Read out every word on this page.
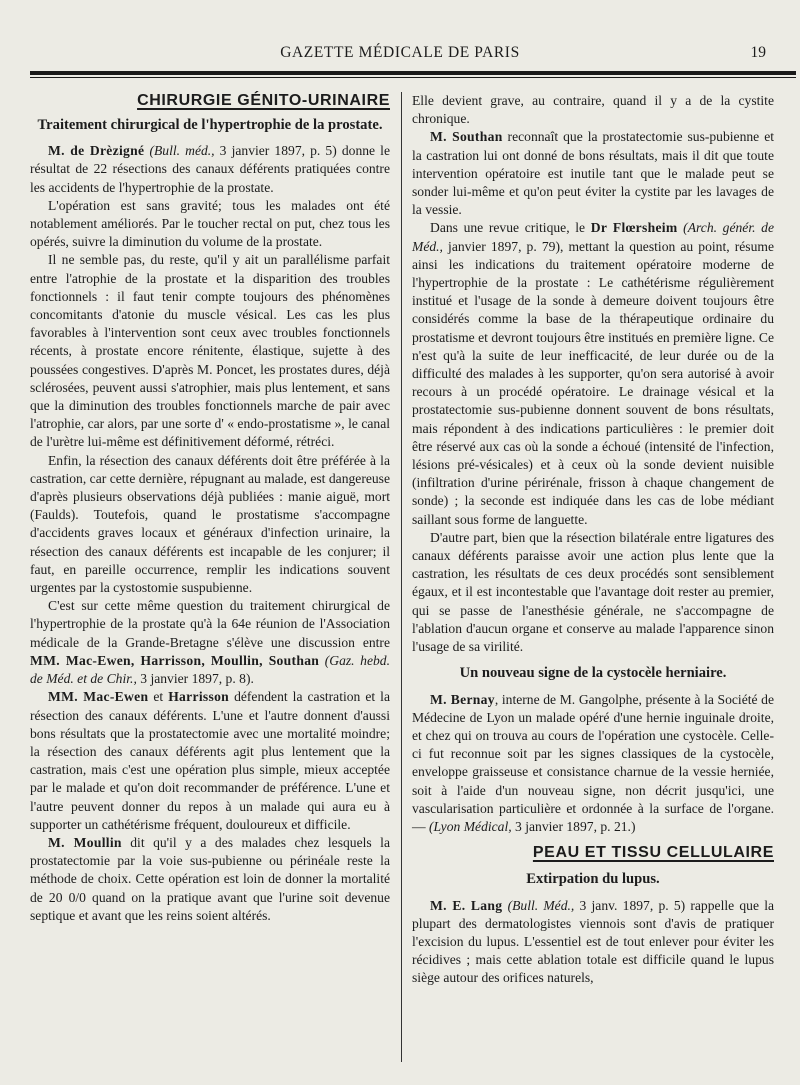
GAZETTE MÉDICALE DE PARIS	19
CHIRURGIE GÉNITO-URINAIRE
Traitement chirurgical de l'hypertrophie de la prostate.

M. de Drèzigné (Bull. méd., 3 janvier 1897, p. 5) donne le résultat de 22 résections des canaux déférents pratiquées contre les accidents de l'hypertrophie de la prostate.

L'opération est sans gravité; tous les malades ont été notablement améliorés. Par le toucher rectal on put, chez tous les opérés, suivre la diminution du volume de la prostate.

Il ne semble pas, du reste, qu'il y ait un parallélisme parfait entre l'atrophie de la prostate et la disparition des troubles fonctionnels : il faut tenir compte toujours des phénomènes concomitants d'atonie du muscle vésical. Les cas les plus favorables à l'intervention sont ceux avec troubles fonctionnels récents, à prostate encore rénitente, élastique, sujette à des poussées congestives. D'après M. Poncet, les prostates dures, déjà sclérosées, peuvent aussi s'atrophier, mais plus lentement, et sans que la diminution des troubles fonctionnels marche de pair avec l'atrophie, car alors, par une sorte d' « endo-prostatisme », le canal de l'urètre lui-même est définitivement déformé, rétréci.

Enfin, la résection des canaux déférents doit être préférée à la castration, car cette dernière, répugnant au malade, est dangereuse d'après plusieurs observations déjà publiées : manie aiguë, mort (Faulds). Toutefois, quand le prostatisme s'accompagne d'accidents graves locaux et généraux d'infection urinaire, la résection des canaux déférents est incapable de les conjurer; il faut, en pareille occurrence, remplir les indications souvent urgentes par la cystostomie suspubienne.

C'est sur cette même question du traitement chirurgical de l'hypertrophie de la prostate qu'à la 64e réunion de l'Association médicale de la Grande-Bretagne s'élève une discussion entre MM. Mac-Ewen, Harrisson, Moullin, Southan (Gaz. hebd. de Méd. et de Chir., 3 janvier 1897, p. 8).

MM. Mac-Ewen et Harrisson défendent la castration et la résection des canaux déférents. L'une et l'autre donnent d'aussi bons résultats que la prostatectomie avec une mortalité moindre; la résection des canaux déférents agit plus lentement que la castration, mais c'est une opération plus simple, mieux acceptée par le malade et qu'on doit recommander de préférence. L'une et l'autre peuvent donner du repos à un malade qui aura eu à supporter un cathétérisme fréquent, douloureux et difficile.

M. Moullin dit qu'il y a des malades chez lesquels la prostatectomie par la voie sus-pubienne ou périnéale reste la méthode de choix. Cette opération est loin de donner la mortalité de 20 0/0 quand on la pratique avant que l'urine soit devenue septique et avant que les reins soient altérés.

Elle devient grave, au contraire, quand il y a de la cystite chronique.

M. Southan reconnaît que la prostatectomie sus-pubienne et la castration lui ont donné de bons résultats, mais il dit que toute intervention opératoire est inutile tant que le malade peut se sonder lui-même et qu'on peut éviter la cystite par les lavages de la vessie.

Dans une revue critique, le Dr Flœrsheim (Arch. génér. de Méd., janvier 1897, p. 79), mettant la question au point, résume ainsi les indications du traitement opératoire moderne de l'hypertrophie de la prostate : Le cathétérisme régulièrement institué et l'usage de la sonde à demeure doivent toujours être considérés comme la base de la thérapeutique ordinaire du prostatisme et devront toujours être institués en première ligne. Ce n'est qu'à la suite de leur inefficacité, de leur durée ou de la difficulté des malades à les supporter, qu'on sera autorisé à avoir recours à un procédé opératoire. Le drainage vésical et la prostatectomie sus-pubienne donnent souvent de bons résultats, mais répondent à des indications particulières : le premier doit être réservé aux cas où la sonde a échoué (intensité de l'infection, lésions pré-vésicales) et à ceux où la sonde devient nuisible (infiltration d'urine périrénale, frisson à chaque changement de sonde) ; la seconde est indiquée dans les cas de lobe médiant saillant sous forme de languette.

D'autre part, bien que la résection bilatérale entre ligatures des canaux déférents paraisse avoir une action plus lente que la castration, les résultats de ces deux procédés sont sensiblement égaux, et il est incontestable que l'avantage doit rester au premier, qui se passe de l'anesthésie générale, ne s'accompagne de l'ablation d'aucun organe et conserve au malade l'apparence sinon l'usage de sa virilité.

Un nouveau signe de la cystocèle herniaire.

M. Bernay, interne de M. Gangolphe, présente à la Société de Médecine de Lyon un malade opéré d'une hernie inguinale droite, et chez qui on trouva au cours de l'opération une cystocèle. Celle-ci fut reconnue soit par les signes classiques de la cystocèle, enveloppe graisseuse et consistance charnue de la vessie herniée, soit à l'aide d'un nouveau signe, non décrit jusqu'ici, une vascularisation particulière et ordonnée à la surface de l'organe. — (Lyon Médical, 3 janvier 1897, p. 21.)

PEAU ET TISSU CELLULAIRE
Extirpation du lupus.

M. E. Lang (Bull. Méd., 3 janv. 1897, p. 5) rappelle que la plupart des dermatologistes viennois sont d'avis de pratiquer l'excision du lupus. L'essentiel est de tout enlever pour éviter les récidives ; mais cette ablation totale est difficile quand le lupus siège autour des orifices naturels,
